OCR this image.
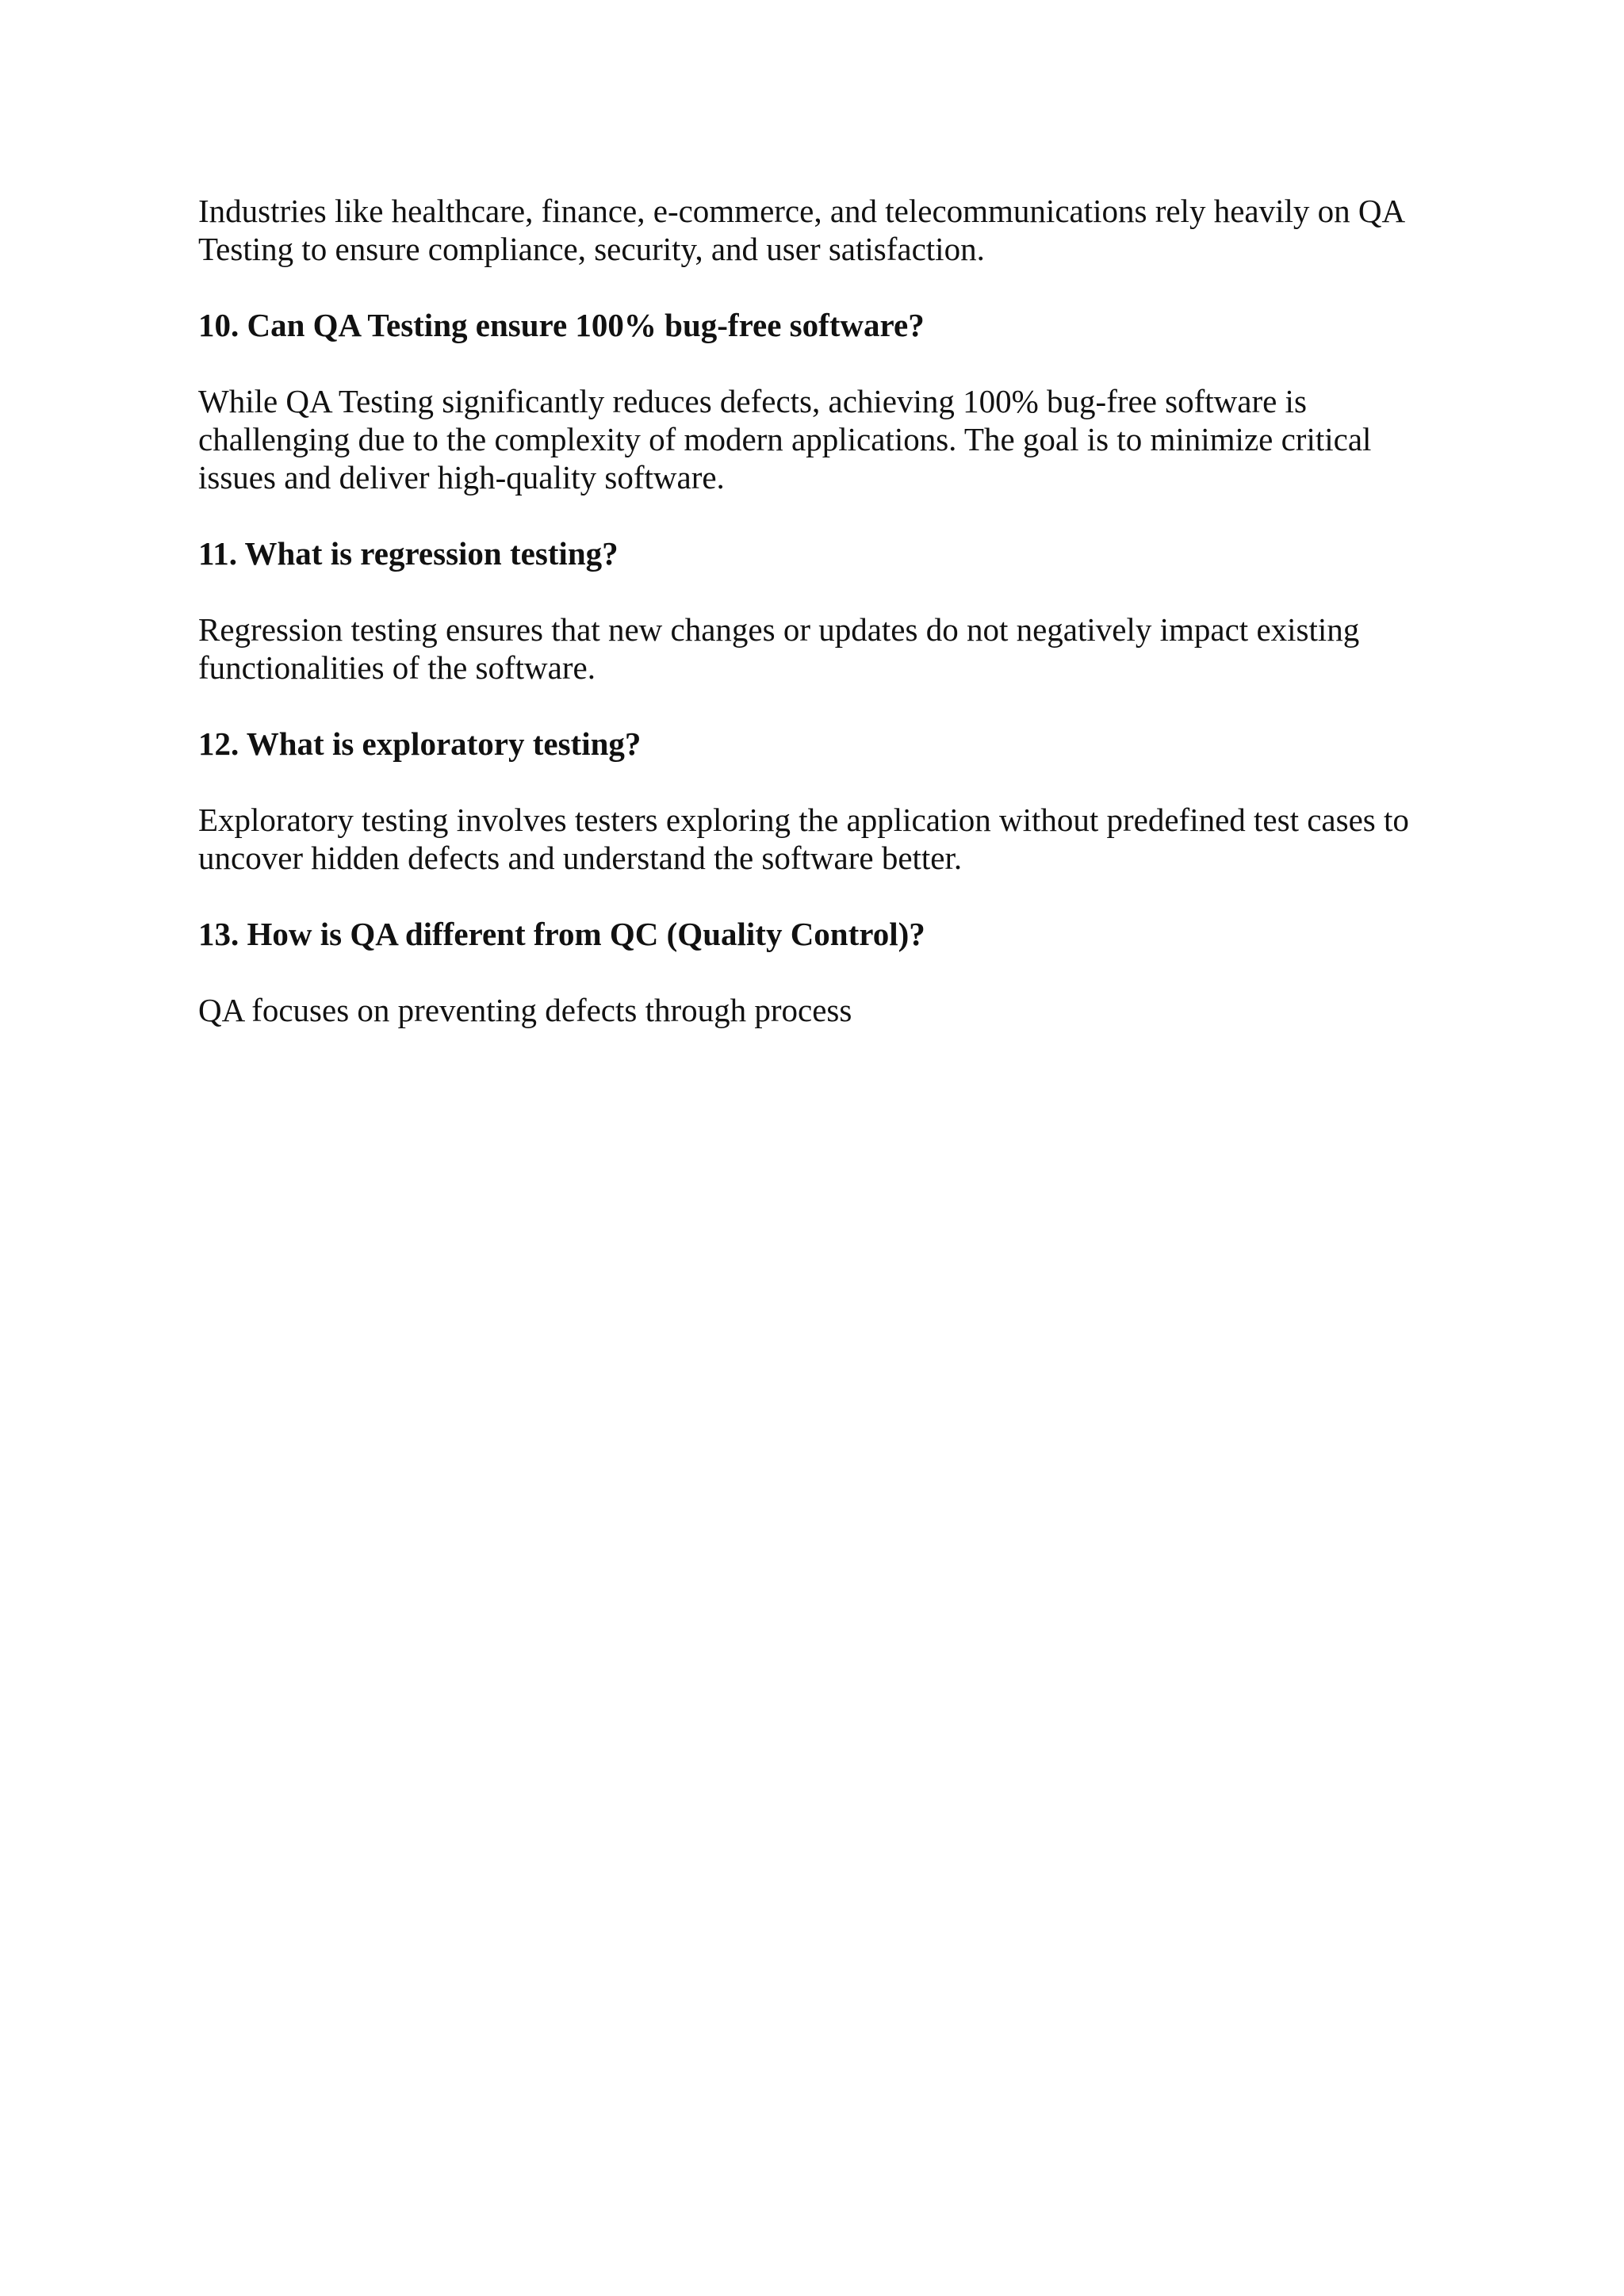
Industries like healthcare, finance, e-commerce, and telecommunications rely heavily on QA
Testing to ensure compliance, security, and user satisfaction.

10. Can QA Testing ensure 100% bug-free software?

While QA Testing significantly reduces defects, achieving 100% bug-free software is
challenging due to the complexity of modern applications. The goal is to minimize critical
issues and deliver high-quality software.

11. What is regression testing?

Regression testing ensures that new changes or updates do not negatively impact existing
functionalities of the software.

12. What is exploratory testing?

Exploratory testing involves testers exploring the application without predefined test cases to
uncover hidden defects and understand the software better.

13. How is QA different from QC (Quality Control)?

QA focuses on preventing defects through process
